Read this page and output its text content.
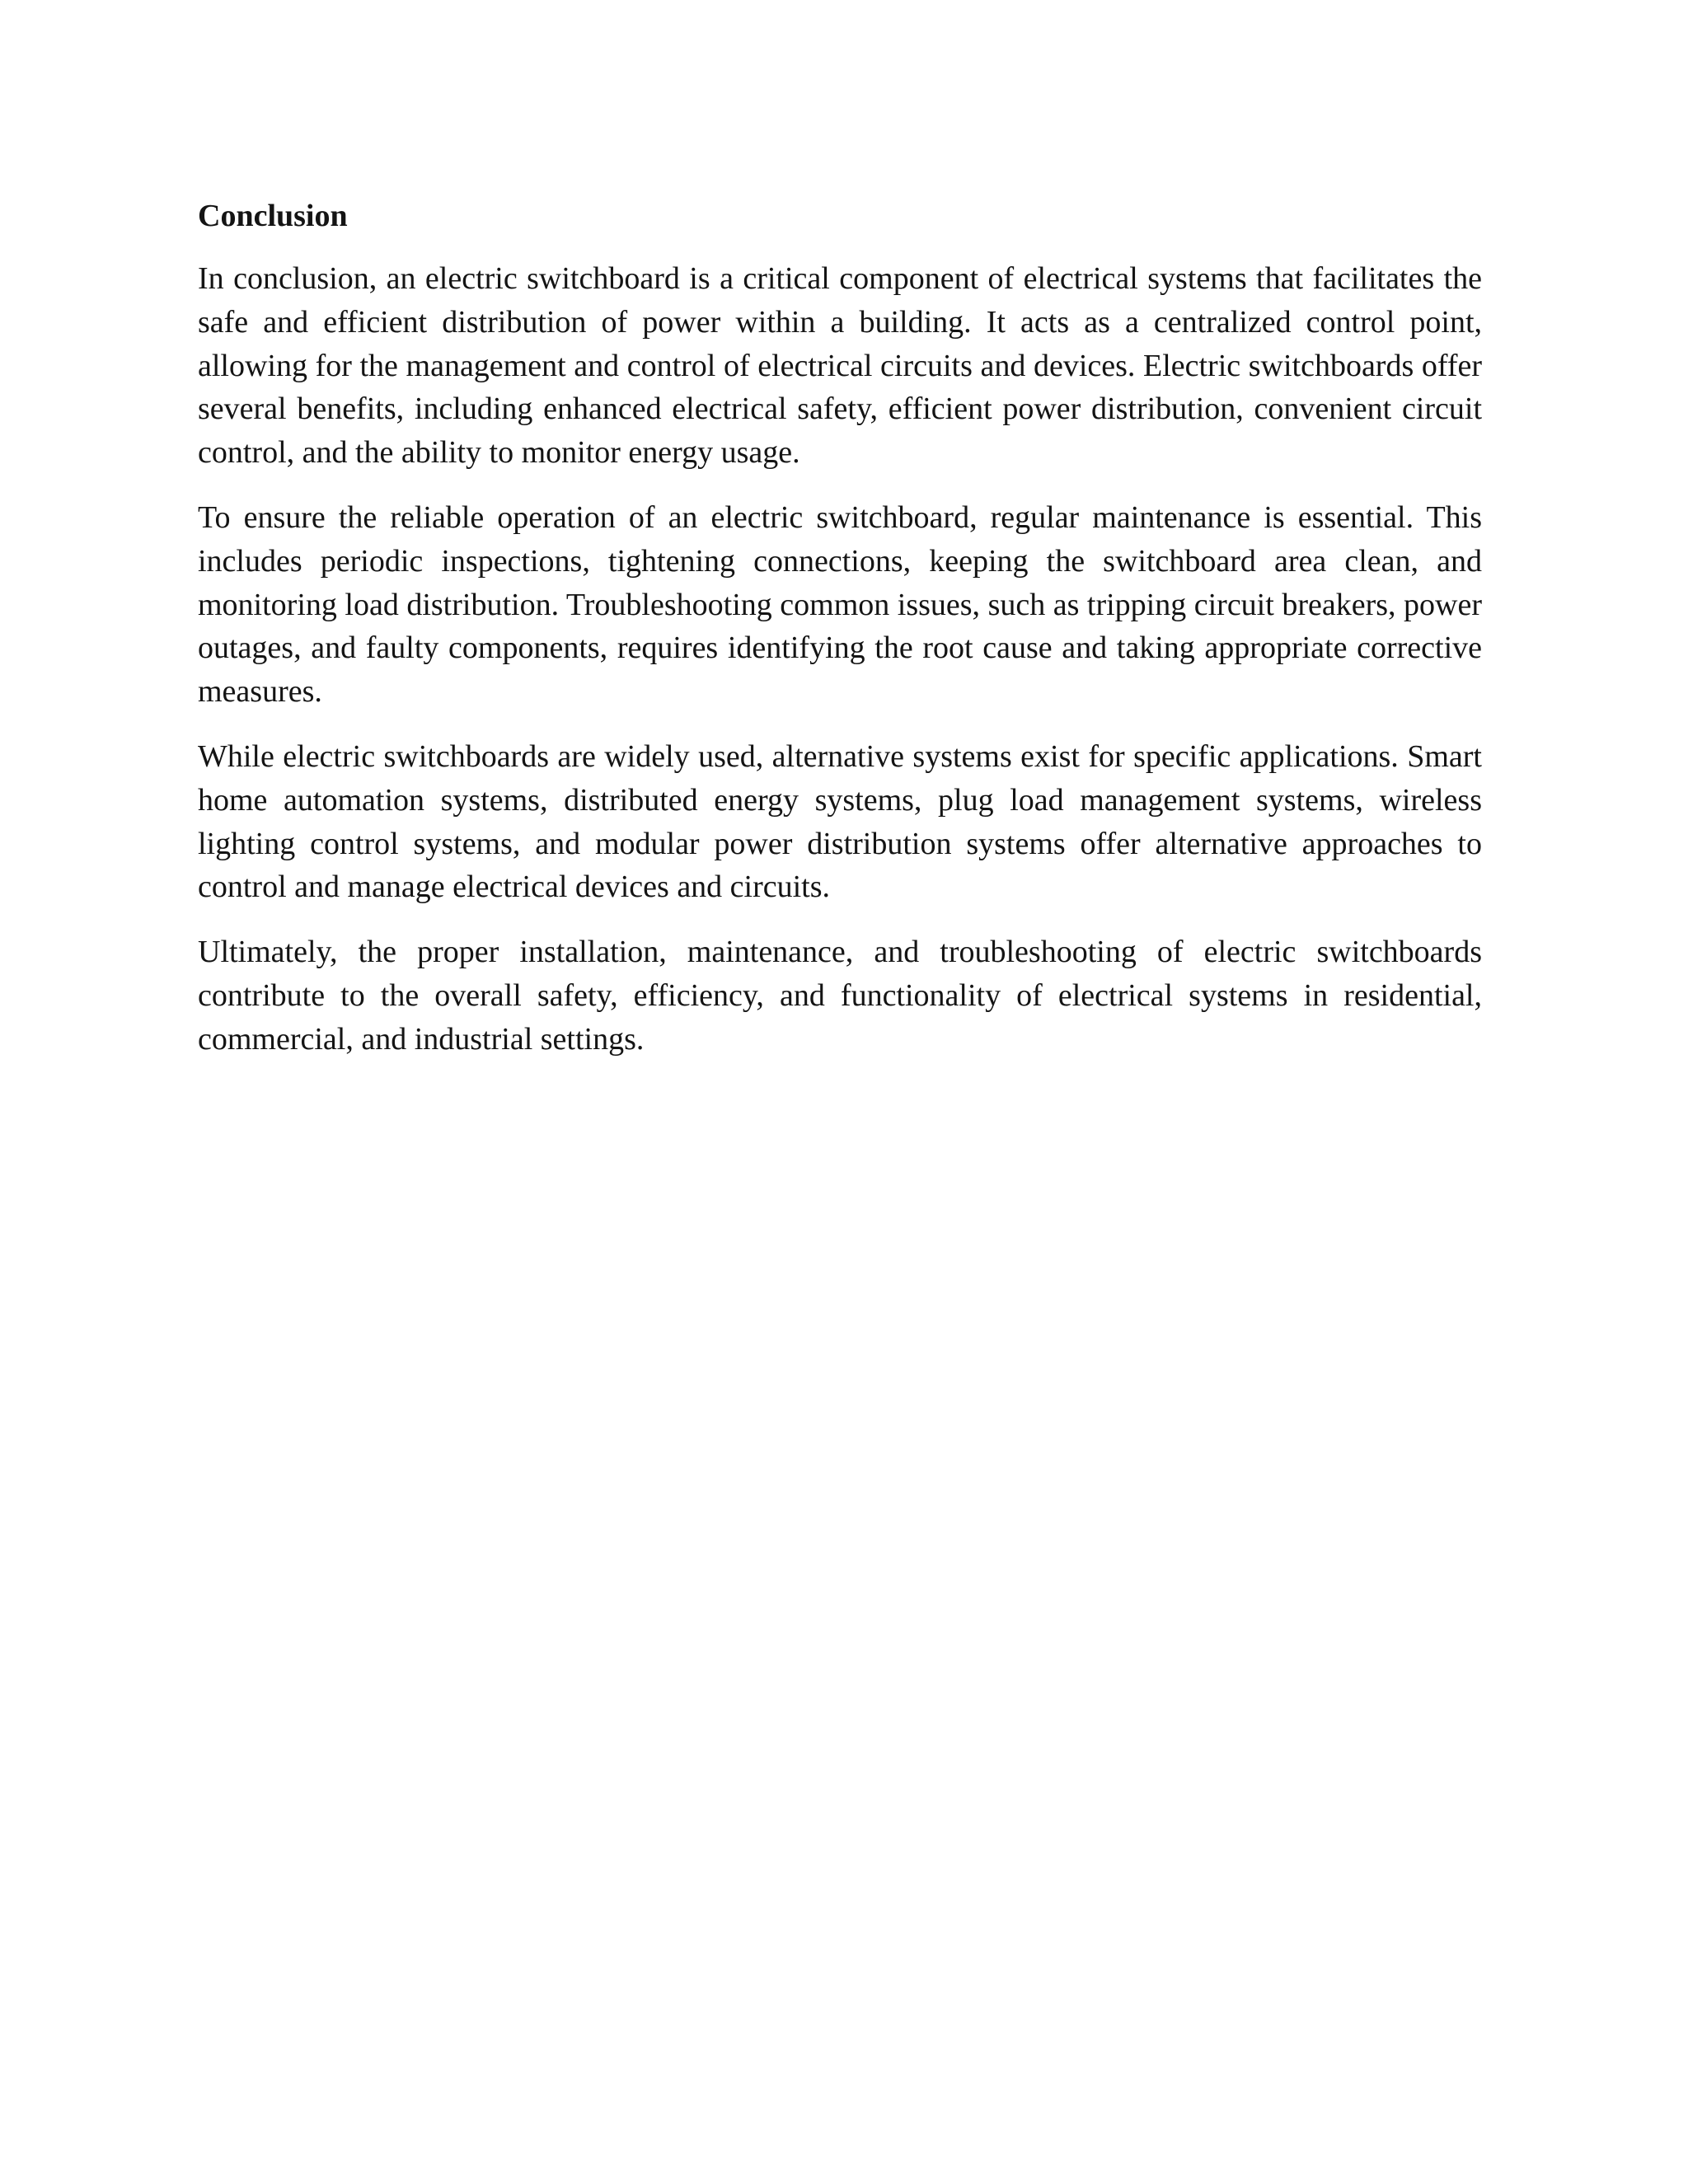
Conclusion

In conclusion, an electric switchboard is a critical component of electrical systems that facilitates the safe and efficient distribution of power within a building. It acts as a centralized control point, allowing for the management and control of electrical circuits and devices. Electric switchboards offer several benefits, including enhanced electrical safety, efficient power distribution, convenient circuit control, and the ability to monitor energy usage.

To ensure the reliable operation of an electric switchboard, regular maintenance is essential. This includes periodic inspections, tightening connections, keeping the switchboard area clean, and monitoring load distribution. Troubleshooting common issues, such as tripping circuit breakers, power outages, and faulty components, requires identifying the root cause and taking appropriate corrective measures.

While electric switchboards are widely used, alternative systems exist for specific applications. Smart home automation systems, distributed energy systems, plug load management systems, wireless lighting control systems, and modular power distribution systems offer alternative approaches to control and manage electrical devices and circuits.

Ultimately, the proper installation, maintenance, and troubleshooting of electric switchboards contribute to the overall safety, efficiency, and functionality of electrical systems in residential, commercial, and industrial settings.
